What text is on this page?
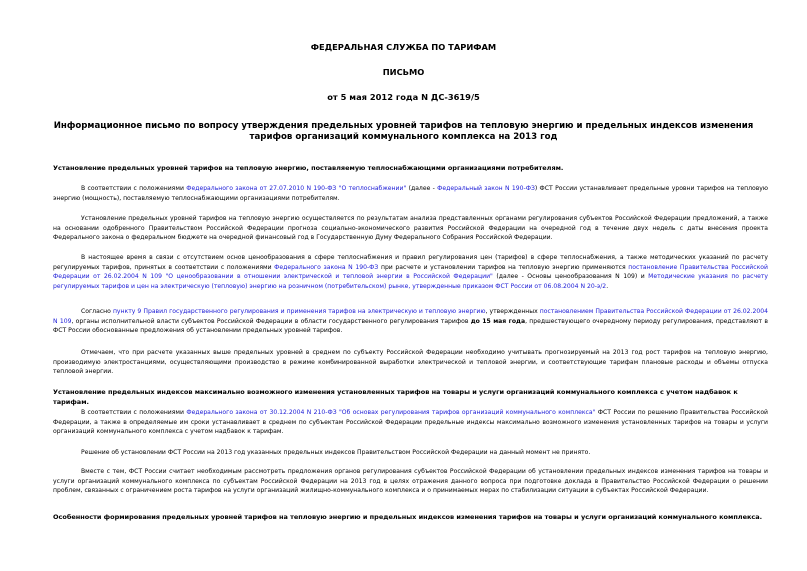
ФЕДЕРАЛЬНАЯ СЛУЖБА ПО ТАРИФАМ
ПИСЬМО
от 5 мая 2012 года N ДС-3619/5
Информационное письмо по вопросу утверждения предельных уровней тарифов на тепловую энергию и предельных индексов изменения тарифов организаций коммунального комплекса на 2013 год

Установление предельных уровней тарифов на тепловую энергию, поставляемую теплоснабжающими организациями потребителям.

В соответствии с положениями Федерального закона от 27.07.2010 N 190-ФЗ "О теплоснабжении" (далее - Федеральный закон N 190-ФЗ) ФСТ России устанавливает предельные уровни тарифов на тепловую энергию (мощность), поставляемую теплоснабжающими организациями потребителям.

Установление предельных уровней тарифов на тепловую энергию осуществляется по результатам анализа представленных органами регулирования субъектов Российской Федерации предложений, а также на основании одобренного Правительством Российской Федерации прогноза социально-экономического развития Российской Федерации на очередной год в течение двух недель с даты внесения проекта Федерального закона о федеральном бюджете на очередной финансовый год в Государственную Думу Федерального Собрания Российской Федерации.

В настоящее время в связи с отсутствием основ ценообразования в сфере теплоснабжения и правил регулирования цен (тарифов) в сфере теплоснабжения, а также методических указаний по расчету регулируемых тарифов, принятых в соответствии с положениями Федерального закона N 190-ФЗ при расчете и установлении тарифов на тепловую энергию применяются постановление Правительства Российской Федерации от 26.02.2004 N 109 "О ценообразовании в отношении электрической и тепловой энергии в Российской Федерации" (далее - Основы ценообразования N 109) и Методические указания по расчету регулируемых тарифов и цен на электрическую (тепловую) энергию на розничном (потребительском) рынке, утвержденные приказом ФСТ России от 06.08.2004 N 20-э/2.

Согласно пункту 9 Правил государственного регулирования и применения тарифов на электрическую и тепловую энергию, утвержденных постановлением Правительства Российской Федерации от 26.02.2004 N 109, органы исполнительной власти субъектов Российской Федерации в области государственного регулирования тарифов до 15 мая года, предшествующего очередному периоду регулирования, представляют в ФСТ России обоснованные предложения об установлении предельных уровней тарифов.

Отмечаем, что при расчете указанных выше предельных уровней в среднем по субъекту Российской Федерации необходимо учитывать прогнозируемый на 2013 год рост тарифов на тепловую энергию, производимую электростанциями, осуществляющими производство в режиме комбинированной выработки электрической и тепловой энергии, и соответствующие тарифам плановые расходы и объемы отпуска тепловой энергии.

Установление предельных индексов максимально возможного изменения установленных тарифов на товары и услуги организаций коммунального комплекса с учетом надбавок к тарифам.

В соответствии с положениями Федерального закона от 30.12.2004 N 210-ФЗ "Об основах регулирования тарифов организаций коммунального комплекса" ФСТ России по решению Правительства Российской Федерации, а также в определяемые им сроки устанавливает в среднем по субъектам Российской Федерации предельные индексы максимально возможного изменения установленных тарифов на товары и услуги организаций коммунального комплекса с учетом надбавок к тарифам.

Решение об установлении ФСТ России на 2013 год указанных предельных индексов Правительством Российской Федерации на данный момент не принято.

Вместе с тем, ФСТ России считает необходимым рассмотреть предложения органов регулирования субъектов Российской Федерации об установлении предельных индексов изменения тарифов на товары и услуги организаций коммунального комплекса по субъектам Российской Федерации на 2013 год в целях отражения данного вопроса при подготовке доклада в Правительство Российской Федерации о решении проблем, связанных с ограничением роста тарифов на услуги организаций жилищно-коммунального комплекса и о принимаемых мерах по стабилизации ситуации в субъектах Российской Федерации.

Особенности формирования предельных уровней тарифов на тепловую энергию и предельных индексов изменения тарифов на товары и услуги организаций коммунального комплекса.
